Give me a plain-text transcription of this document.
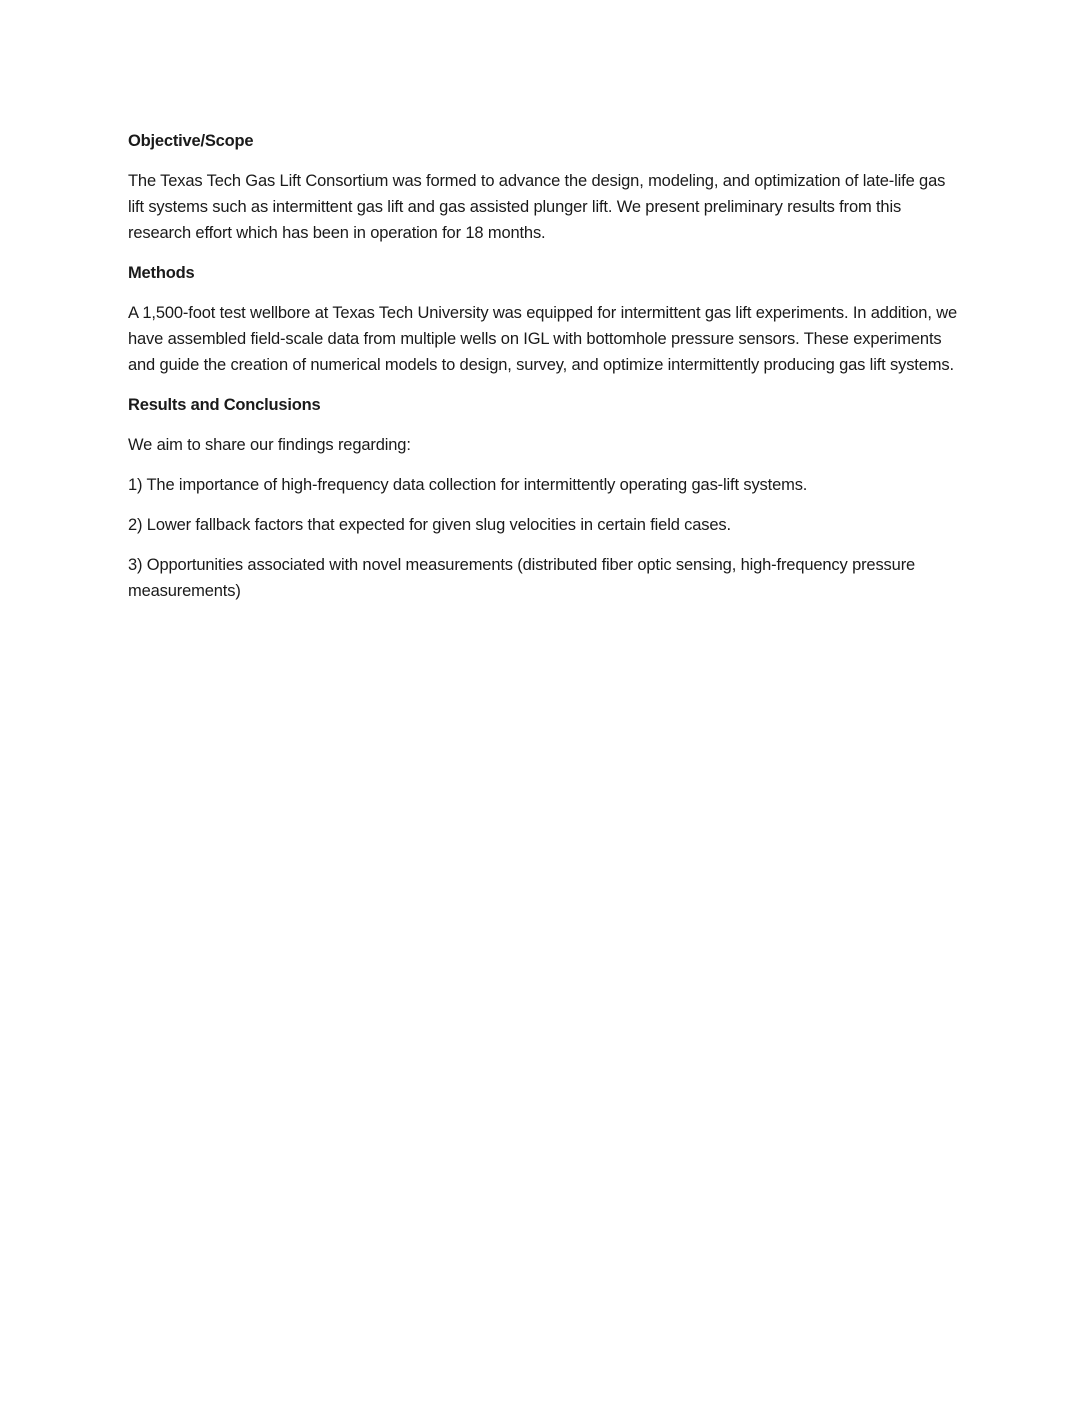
Objective/Scope
The Texas Tech Gas Lift Consortium was formed to advance the design, modeling, and optimization of late-life gas lift systems such as intermittent gas lift and gas assisted plunger lift. We present preliminary results from this research effort which has been in operation for 18 months.
Methods
A 1,500-foot test wellbore at Texas Tech University was equipped for intermittent gas lift experiments. In addition, we have assembled field-scale data from multiple wells on IGL with bottomhole pressure sensors. These experiments and guide the creation of numerical models to design, survey, and optimize intermittently producing gas lift systems.
Results and Conclusions
We aim to share our findings regarding:
1) The importance of high-frequency data collection for intermittently operating gas-lift systems.
2) Lower fallback factors that expected for given slug velocities in certain field cases.
3) Opportunities associated with novel measurements (distributed fiber optic sensing, high-frequency pressure measurements)
